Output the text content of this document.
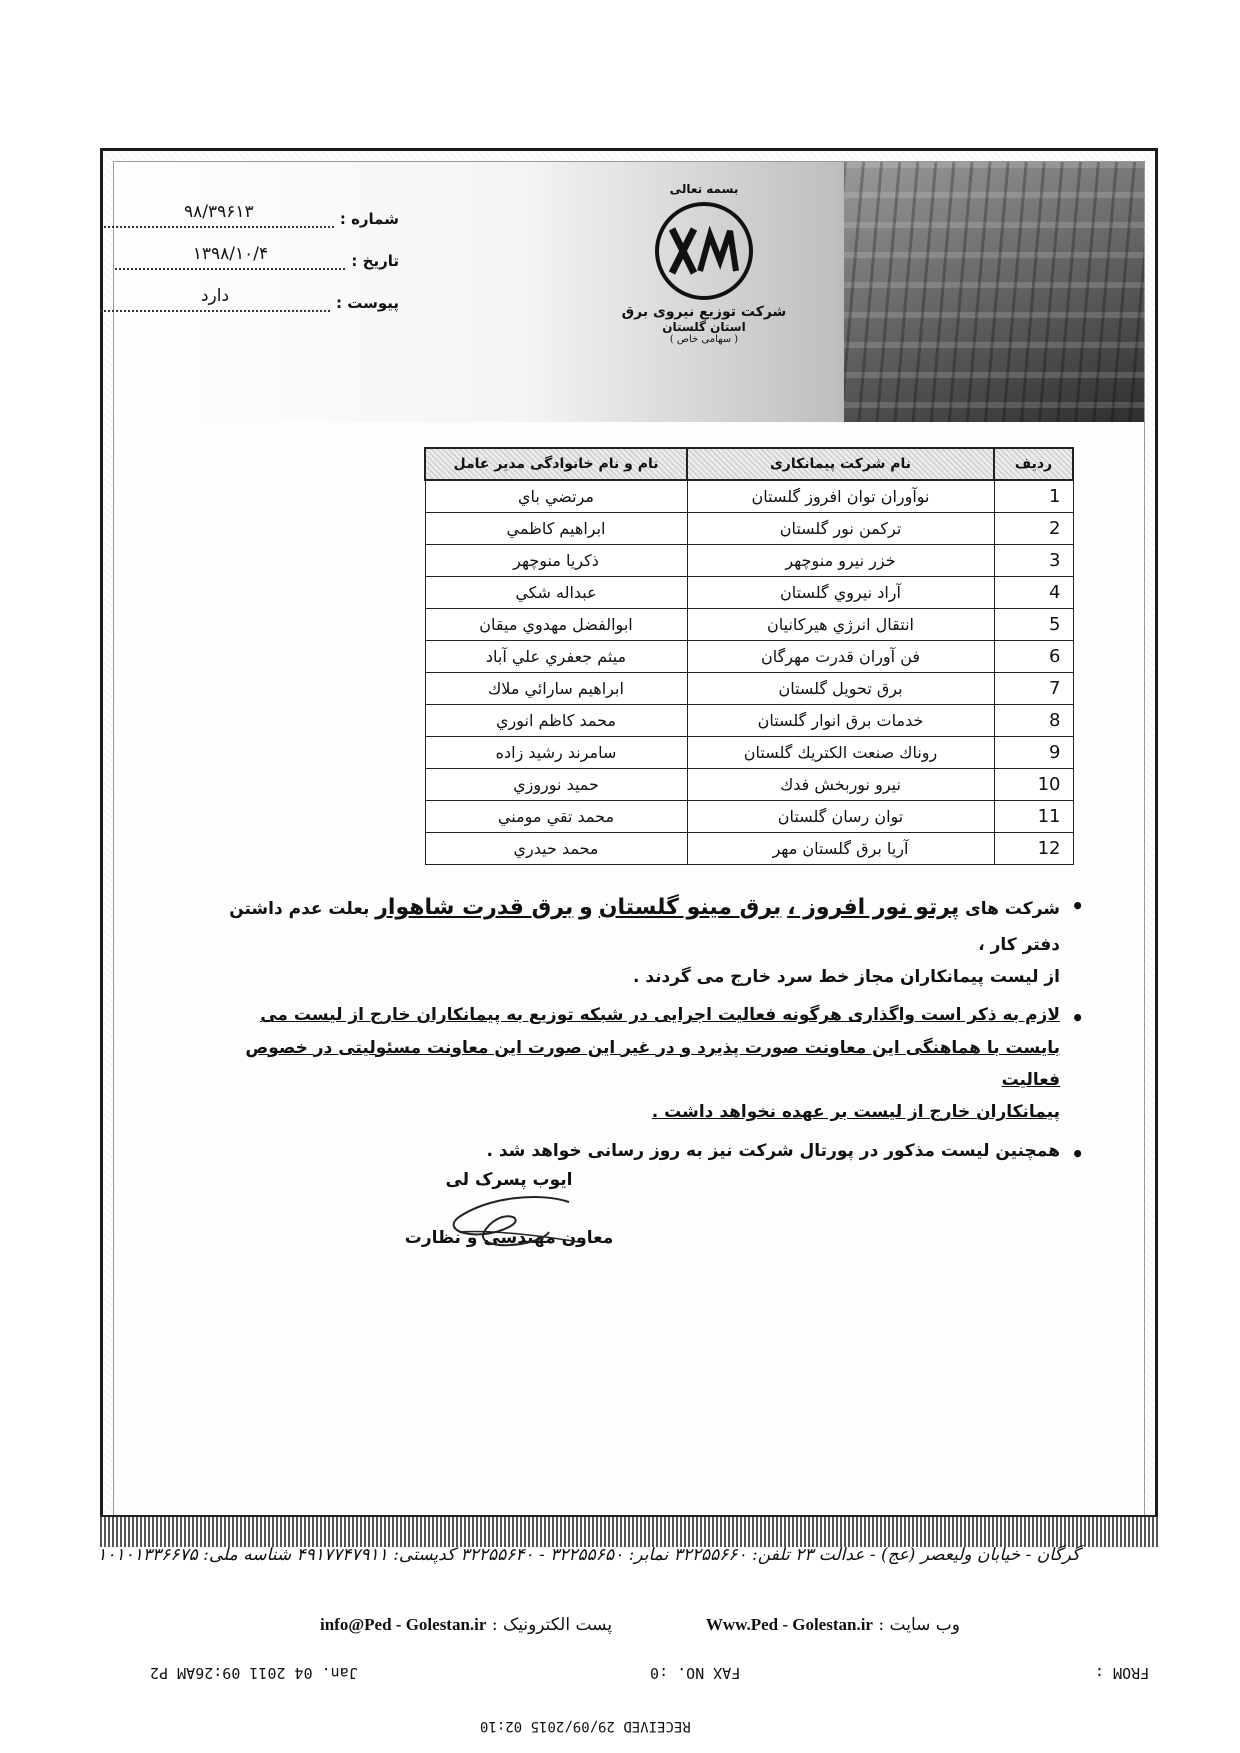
شماره :
۹۸/۳۹۶۱۳
تاریخ :
۱۳۹۸/۱۰/۴
پیوست :
دارد
بسمه تعالی
شرکت توزیع نیروی برق
استان گلستان
( سهامی خاص )
ردیف	نام شرکت پیمانکاری	نام و نام خانوادگی مدیر عامل
1	نوآوران توان افروز گلستان	مرتضي باي
2	ترکمن نور گلستان	ابراهيم كاظمي
3	خزر نيرو منوچهر	ذكريا منوچهر
4	آراد نيروي گلستان	عبداله شكي
5	انتقال انرژي هيركانيان	ابوالفضل مهدوي ميقان
6	فن آوران قدرت مهرگان	ميثم جعفري علي آباد
7	برق تحويل گلستان	ابراهيم سارائي ملاك
8	خدمات برق انوار گلستان	محمد كاظم انوري
9	روناك صنعت الكتريك گلستان	سامرند رشيد زاده
10	نيرو نوربخش فدك	حميد نوروزي
11	توان رسان گلستان	محمد تقي مومني
12	آريا برق گلستان مهر	محمد حيدري
• شرکت های پرتو نور افروز ، برق مینو گلستان و برق قدرت شاهوار بعلت عدم داشتن دفتر کار ،
از لیست پیمانکاران مجاز خط سرد خارج می گردند .
• لازم به ذکر است واگذاری هرگونه فعالیت اجرایی در شبکه توزیع به پیمانکاران خارج از لیست می
بایست با هماهنگی این معاونت صورت پذیرد و در غیر این صورت این معاونت مسئولیتی در خصوص فعالیت
پیمانکاران خارج از لیست بر عهده نخواهد داشت .
• همچنین لیست مذکور در پورتال شرکت نیز به روز رسانی خواهد شد .
ایوب پسرک لی
معاون مهندسی و نظارت
گرگان - خیابان ولیعصر (عج) - عدالت ۲۳ تلفن: ۳۲۲۵۵۶۶۰ نمابر: ۳۲۲۵۵۶۵۰ - ۳۲۲۵۵۶۴۰ کدپستی: ۴۹۱۷۷۴۷۹۱۱ شناسه ملی: ۱۰۱۰۱۳۳۶۶۷۵
وب سایت : Www.Ped - Golestan.ir
پست الکترونیک : info@Ped - Golestan.ir
FROM :
FAX NO. :0
Jan. 04 2011 09:26AM P2
RECEIVED 29/09/2015 02:10
